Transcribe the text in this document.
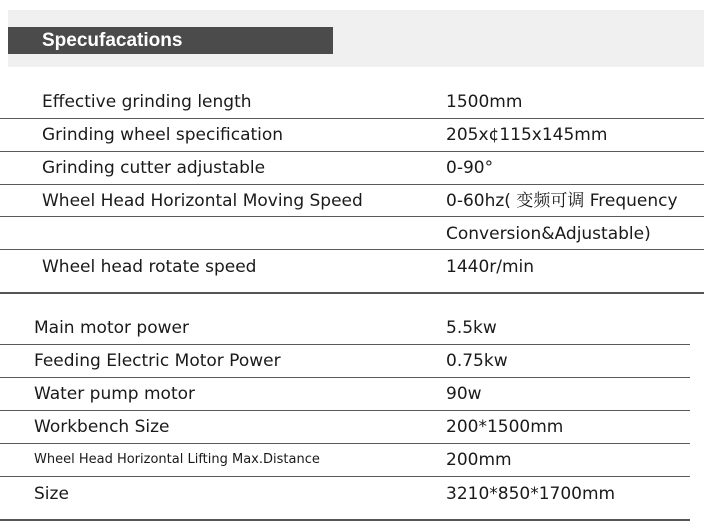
Specufacations
Effective grinding length	1500mm
Grinding wheel specification	205x¢115x145mm
Grinding cutter adjustable	0-90°
Wheel Head Horizontal Moving Speed	0-60hz( 变频可调 Frequency
Conversion&Adjustable)
Wheel head rotate speed	1440r/min
Main motor power	5.5kw
Feeding Electric Motor Power	0.75kw
Water pump motor	90w
Workbench Size	200*1500mm
Wheel Head Horizontal Lifting Max.Distance	200mm
Size	3210*850*1700mm
